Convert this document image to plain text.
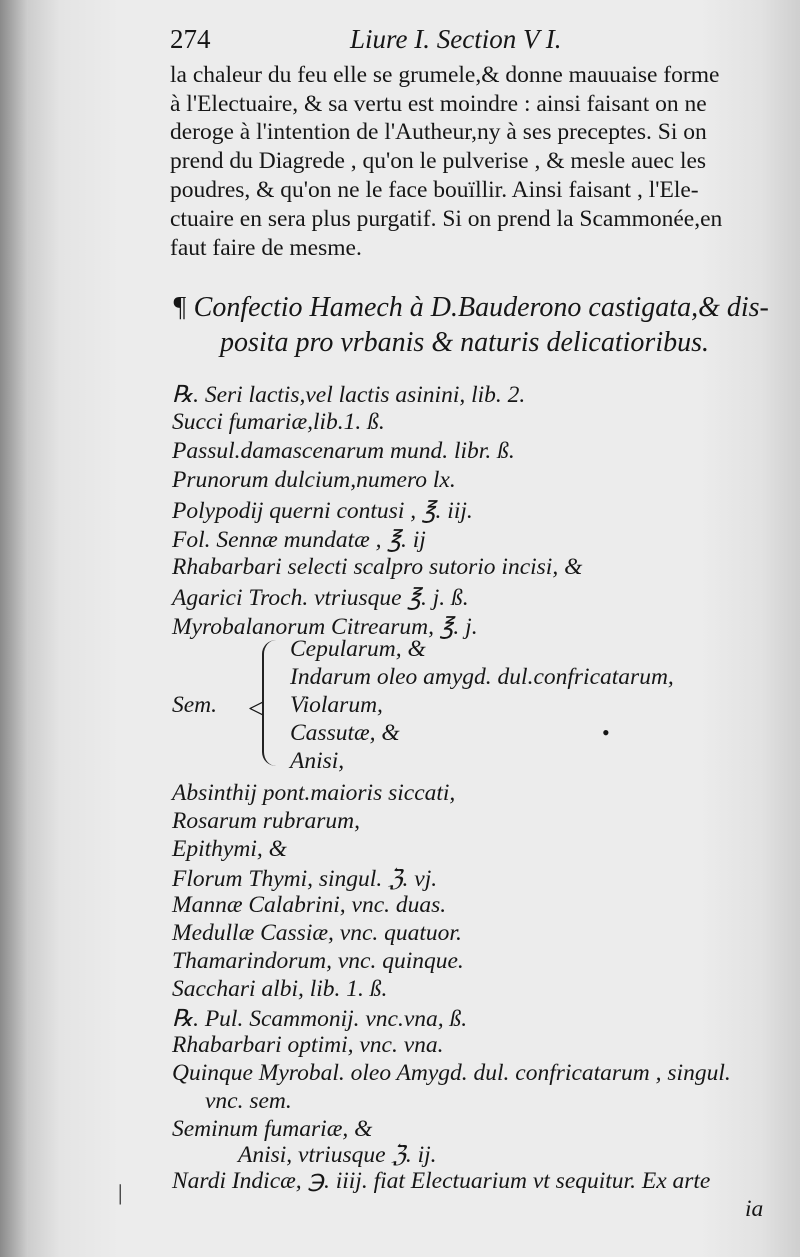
274	Liure I. Section V I.
la chaleur du feu elle se grumele,& donne mauuaise forme
à l'Electuaire, & sa vertu est moindre : ainsi faisant on ne
deroge à l'intention de l'Autheur,ny à ses preceptes. Si on
prend du Diagrede , qu'on le pulverise , & mesle auec les
poudres, & qu'on ne le face bouïllir. Ainsi faisant , l'Ele-
ctuaire en sera plus purgatif. Si on prend la Scammonée,en
faut faire de mesme.
¶ Confectio Hamech à D.Bauderono castigata,& dis-
posita pro vrbanis & naturis delicatioribus.
℞. Seri lactis,vel lactis asinini, lib. 2.
Succi fumariæ,lib.1. ß.
Passul.damascenarum mund. libr. ß.
Prunorum dulcium,numero lx.
Polypodij querni contusi , ℥. iij.
Fol. Sennæ mundatæ , ℥. ij
Rhabarbari selecti scalpro sutorio incisi, &
Agarici Troch. vtriusque ℥. j. ß.
Myrobalanorum Citrearum, ℥. j.
<
Sem.
Cepularum, &
Indarum oleo amygd. dul.confricatarum,
Violarum,
Cassutæ, &
Anisi,
Absinthij pont.maioris siccati,
Rosarum rubrarum,
Epithymi, &
Florum Thymi, singul. ℨ. vj.
Mannæ Calabrini, vnc. duas.
Medullæ Cassiæ, vnc. quatuor.
Thamarindorum, vnc. quinque.
Sacchari albi, lib. 1. ß.
℞. Pul. Scammonij. vnc.vna, ß.
Rhabarbari optimi, vnc. vna.
Quinque Myrobal. oleo Amygd. dul. confricatarum , singul.
vnc. sem.
Seminum fumariæ, &
Anisi, vtriusque ℨ. ij.
Nardi Indicæ, ℈. iiij. fiat Electuarium vt sequitur. Ex arte
ia
|
•
